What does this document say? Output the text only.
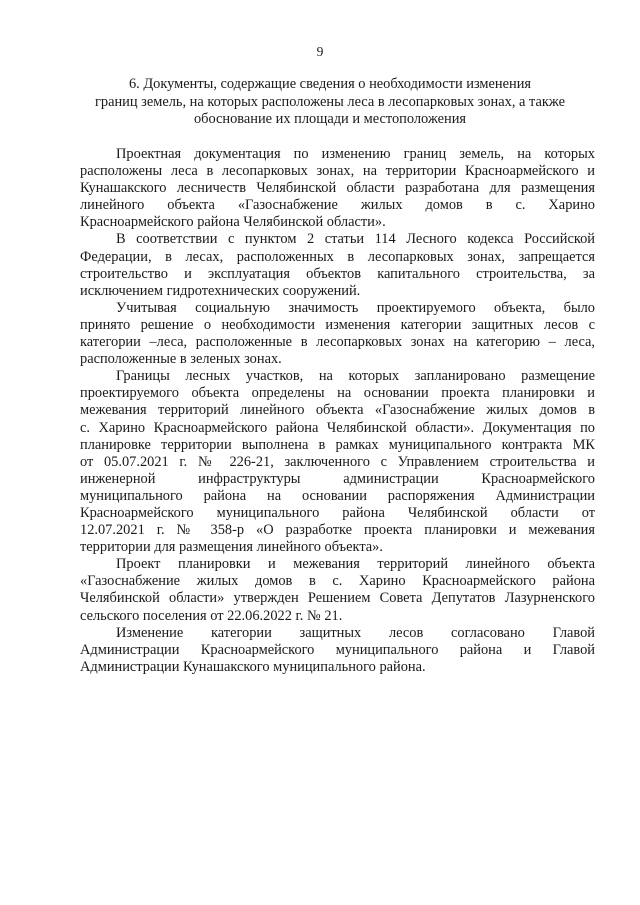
9
6. Документы, содержащие сведения о необходимости изменения
границ земель, на которых расположены леса в лесопарковых зонах, а также
обоснование их площади и местоположения

Проектная документация по изменению границ земель, на которых
расположены леса в лесопарковых зонах, на территории Красноармейского и
Кунашакского лесничеств Челябинской области разработана для размещения
линейного объекта «Газоснабжение жилых домов в с. Харино
Красноармейского района Челябинской области».

В соответствии с пунктом 2 статьи 114 Лесного кодекса Российской
Федерации, в лесах, расположенных в лесопарковых зонах, запрещается
строительство и эксплуатация объектов капитального строительства, за
исключением гидротехнических сооружений.

Учитывая социальную значимость проектируемого объекта, было
принято решение о необходимости изменения категории защитных лесов с
категории –леса, расположенные в лесопарковых зонах на категорию – леса,
расположенные в зеленых зонах.

Границы лесных участков, на которых запланировано размещение
проектируемого объекта определены на основании проекта планировки и
межевания территорий линейного объекта «Газоснабжение жилых домов в
с. Харино Красноармейского района Челябинской области». Документация по
планировке территории выполнена в рамках муниципального контракта МК
от 05.07.2021 г. № 226-21, заключенного с Управлением строительства и
инженерной инфраструктуры администрации Красноармейского
муниципального района на основании распоряжения Администрации
Красноармейского муниципального района Челябинской области от
12.07.2021 г. № 358-р «О разработке проекта планировки и межевания
территории для размещения линейного объекта».

Проект планировки и межевания территорий линейного объекта
«Газоснабжение жилых домов в с. Харино Красноармейского района
Челябинской области» утвержден Решением Совета Депутатов Лазурненского
сельского поселения от 22.06.2022 г. № 21.

Изменение категории защитных лесов согласовано Главой
Администрации Красноармейского муниципального района и Главой
Администрации Кунашакского муниципального района.
